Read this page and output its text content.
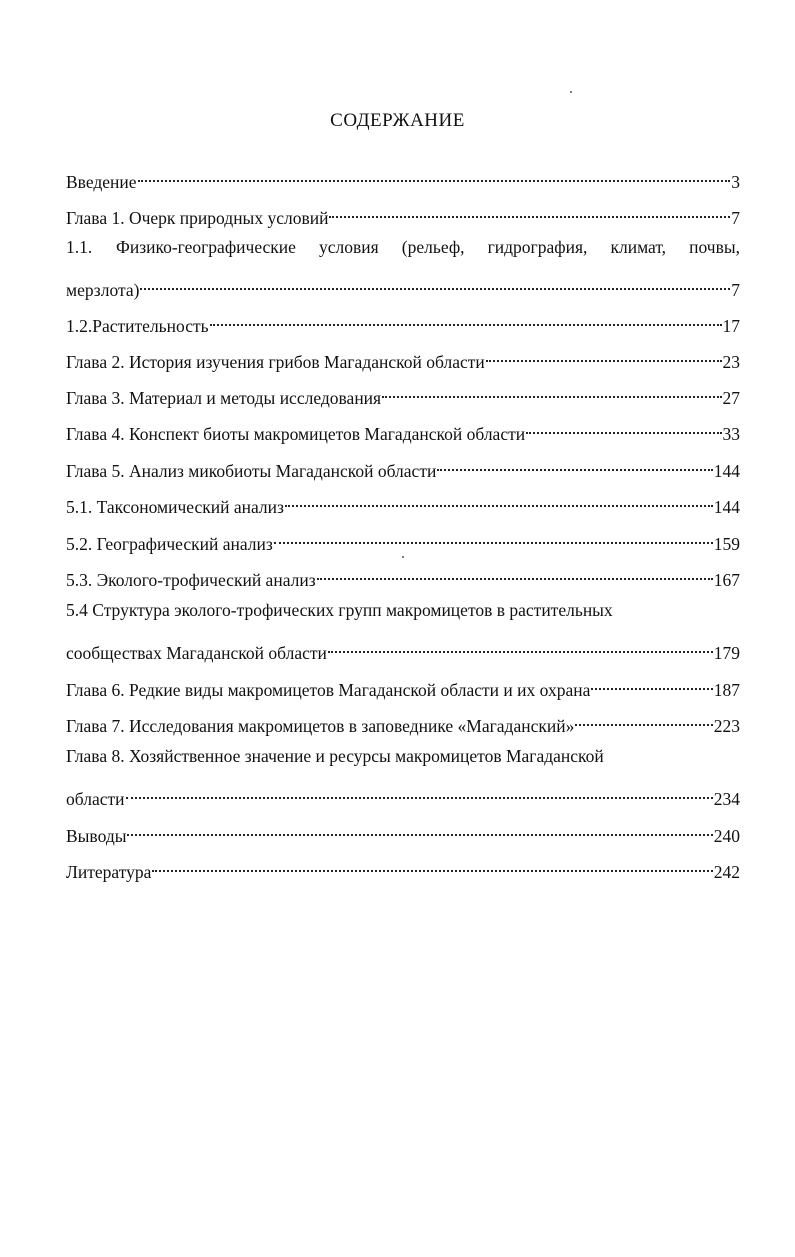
СОДЕРЖАНИЕ
Введение	3
Глава 1. Очерк природных условий	7
1.1.	Физико-географические условия (рельеф, гидрография, климат, почвы,
мерзлота)	7
1.2.Растительность	17
Глава 2. История изучения грибов Магаданской области	23
Глава 3. Материал и методы исследования	27
Глава 4. Конспект биоты макромицетов Магаданской области	33
Глава 5. Анализ микобиоты Магаданской области	144
5.1. Таксономический анализ	144
5.2. Географический анализ	159
5.3. Эколого-трофический анализ	167
5.4 Структура эколого-трофических групп макромицетов в растительных
сообществах Магаданской области	179
Глава 6. Редкие виды макромицетов Магаданской области и их охрана	187
Глава 7. Исследования макромицетов в заповеднике «Магаданский»	223
Глава 8. Хозяйственное значение и ресурсы макромицетов Магаданской
области	234
Выводы	240
Литература	242
